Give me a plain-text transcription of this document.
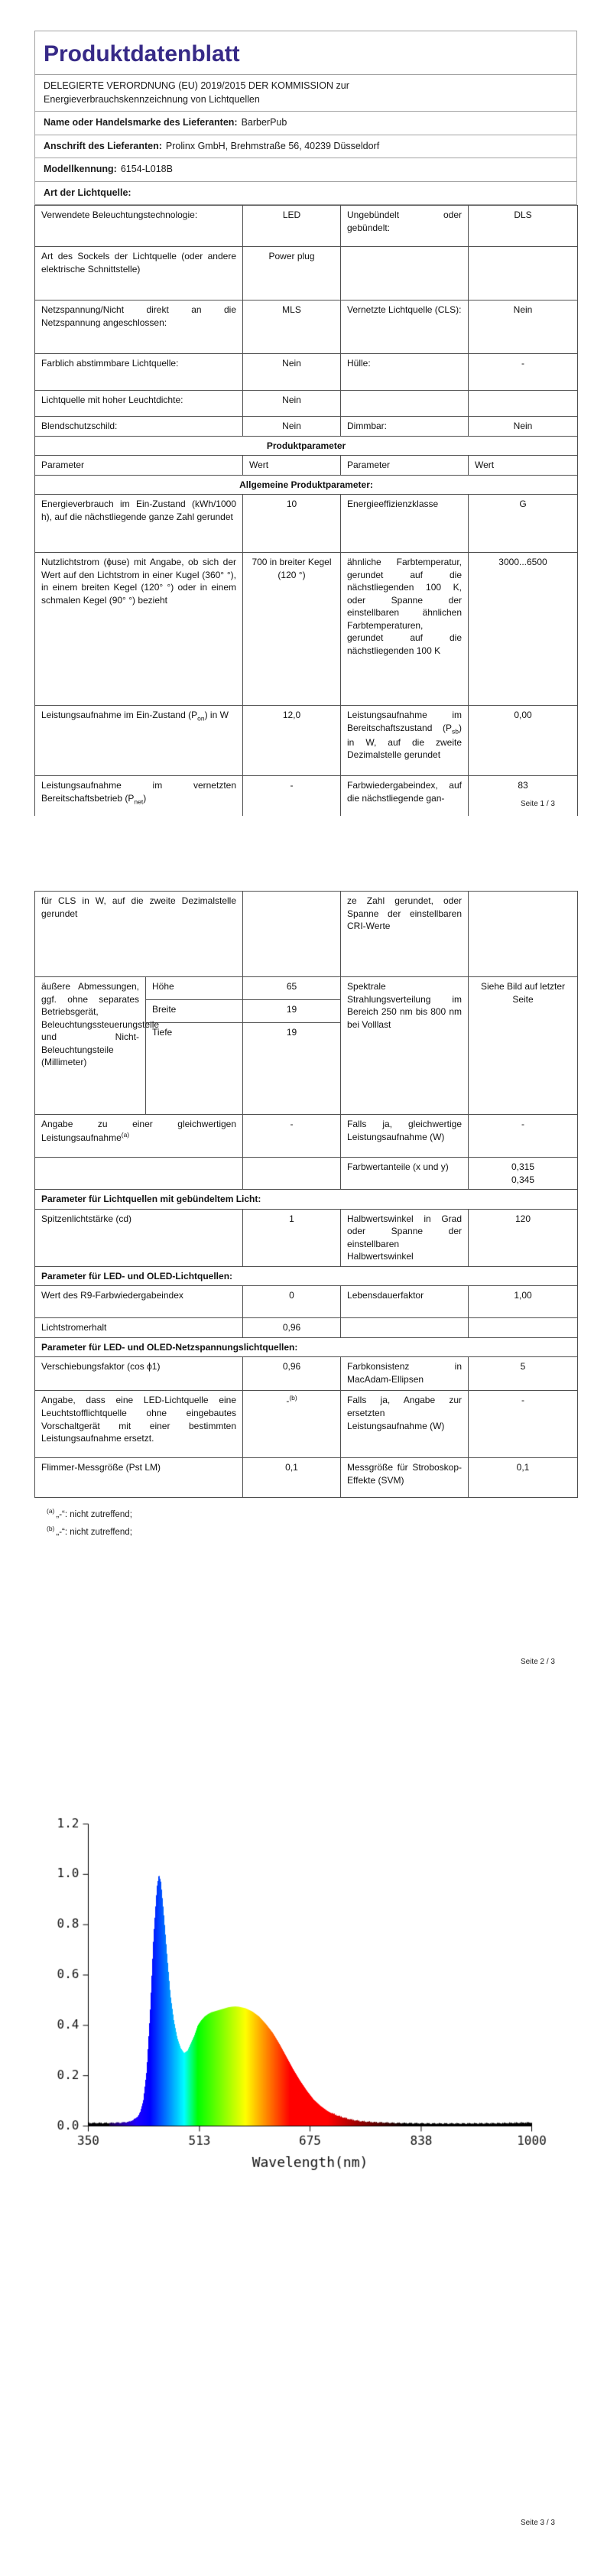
Produktdatenblatt
DELEGIERTE VERORDNUNG (EU) 2019/2015 DER KOMMISSION zur
Energieverbrauchskennzeichnung von Lichtquellen
Name oder Handelsmarke des Lieferanten: BarberPub
Anschrift des Lieferanten: Prolinx GmbH, Brehmstraße 56, 40239 Düsseldorf
Modellkennung: 6154-L018B
Art der Lichtquelle:
Verwendete Beleuchtungstechnologie:	LED	Ungebündelt oder gebündelt:	DLS
Art des Sockels der Lichtquelle (oder andere elektrische Schnittstelle)	Power plug		
Netzspannung/Nicht direkt an die Netzspannung angeschlossen:	MLS	Vernetzte Lichtquelle (CLS):	Nein
Farblich abstimmbare Lichtquelle:	Nein	Hülle:	-
Lichtquelle mit hoher Leuchtdichte:	Nein		
Blendschutzschild:	Nein	Dimmbar:	Nein
Produktparameter			
Parameter	Wert	Parameter	Wert
Allgemeine Produktparameter:			
Energieverbrauch im Ein-Zustand (kWh/1000 h), auf die nächstliegende ganze Zahl gerundet	10	Energieeffizienzklasse	G
Nutzlichtstrom (ϕuse) mit Angabe, ob sich der Wert auf den Lichtstrom in einer Kugel (360° °), in einem breiten Kegel (120° °) oder in einem schmalen Kegel (90° °) bezieht	700 in breiter Kegel (120 °)	ähnliche Farbtemperatur, gerundet auf die nächstliegenden 100 K, oder Spanne der einstellbaren ähnlichen Farbtemperaturen, gerundet auf die nächstliegenden 100 K	3000...6500
Leistungsaufnahme im Ein-Zustand $(P_{on})$ in W	12,0	Leistungsaufnahme im Bereitschaftszustand $(P_{sb})$ in W, auf die zweite Dezimalstelle gerundet	0,00
Leistungsaufnahme im vernetzten Bereitschaftsbetrieb $(P_{net})$	-	Farbwiedergabeindex, auf die nächstliegende gan-	83
Seite 1 / 3
für CLS in W, auf die zweite Dezimalstelle gerundet			ze Zahl gerundet, oder Spanne der einstellbaren CRI-Werte	
äußere Abmessungen, ggf. ohne separates Betriebsgerät, Beleuchtungssteuerungsteile und Nicht-Beleuchtungsteile (Millimeter)	Höhe	65	Spektrale Strahlungsverteilung im Bereich 250 nm bis 800 nm bei Volllast	Siehe Bild auf letzter Seite
	Breite	19		
	Tiefe	19		
Angabe zu einer gleichwertigen Leistungsaufnahme$^{(a)}$		-	Falls ja, gleichwertige Leistungsaufnahme (W)	-
			Farbwertanteile (x und y)	0,315
0,345

Parameter für Lichtquellen mit gebündeltem Licht:				
Spitzenlichtstärke (cd)		1	Halbwertswinkel in Grad oder Spanne der einstellbaren Halbwertswinkel	120
Parameter für LED- und OLED-Lichtquellen:				
Wert des R9-Farbwiedergabeindex		0	Lebensdauerfaktor	1,00
Lichtstromerhalt		0,96		
Parameter für LED- und OLED-Netzspannungslichtquellen:				
Verschiebungsfaktor (cos ϕ1)		0,96	Farbkonsistenz in MacAdam-Ellipsen	5
Angabe, dass eine LED-Lichtquelle eine Leuchtstofflichtquelle ohne eingebautes Vorschaltgerät mit einer bestimmten Leistungsaufnahme ersetzt.		-$^{(b)}$	Falls ja, Angabe zur ersetzten Leistungsaufnahme (W)	-
Flimmer-Messgröße (Pst LM)		0,1	Messgröße für Stroboskop-Effekte (SVM)	0,1
$^{(a)}$ „-“: nicht zutreffend;
$^{(b)}$ „-“: nicht zutreffend;
Seite 2 / 3
Seite 3 / 3
